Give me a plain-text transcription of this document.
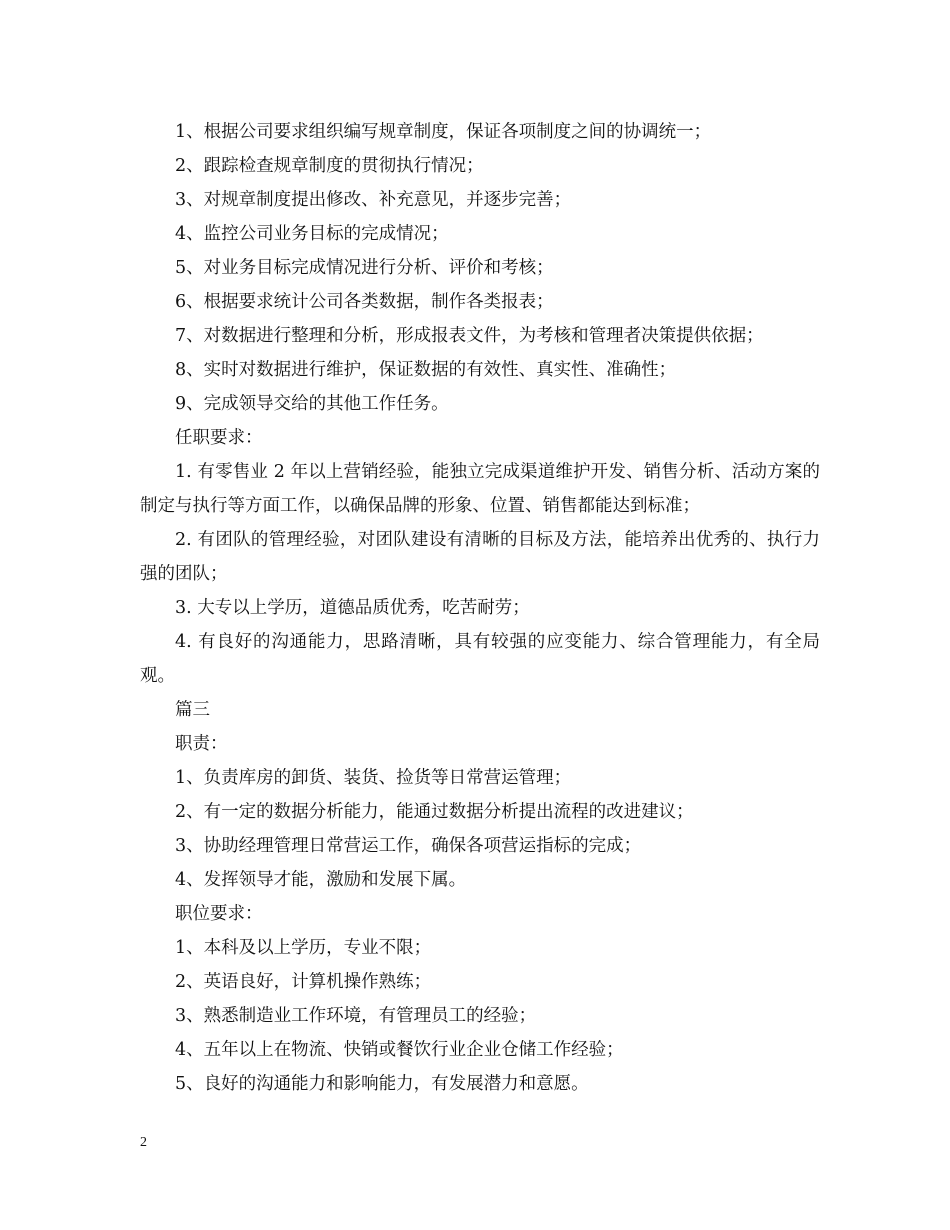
1、根据公司要求组织编写规章制度，保证各项制度之间的协调统一；
2、跟踪检查规章制度的贯彻执行情况；
3、对规章制度提出修改、补充意见，并逐步完善；
4、监控公司业务目标的完成情况；
5、对业务目标完成情况进行分析、评价和考核；
6、根据要求统计公司各类数据，制作各类报表；
7、对数据进行整理和分析，形成报表文件，为考核和管理者决策提供依据；
8、实时对数据进行维护，保证数据的有效性、真实性、准确性；
9、完成领导交给的其他工作任务。
任职要求：
1. 有零售业 2 年以上营销经验，能独立完成渠道维护开发、销售分析、活动方案的制定与执行等方面工作，以确保品牌的形象、位置、销售都能达到标准；
2. 有团队的管理经验，对团队建设有清晰的目标及方法，能培养出优秀的、执行力强的团队；
3. 大专以上学历，道德品质优秀，吃苦耐劳；
4. 有良好的沟通能力，思路清晰，具有较强的应变能力、综合管理能力，有全局观。
篇三
职责：
1、负责库房的卸货、装货、捡货等日常营运管理；
2、有一定的数据分析能力，能通过数据分析提出流程的改进建议；
3、协助经理管理日常营运工作，确保各项营运指标的完成；
4、发挥领导才能，激励和发展下属。
职位要求：
1、本科及以上学历，专业不限；
2、英语良好，计算机操作熟练；
3、熟悉制造业工作环境，有管理员工的经验；
4、五年以上在物流、快销或餐饮行业企业仓储工作经验；
5、良好的沟通能力和影响能力，有发展潜力和意愿。
2
